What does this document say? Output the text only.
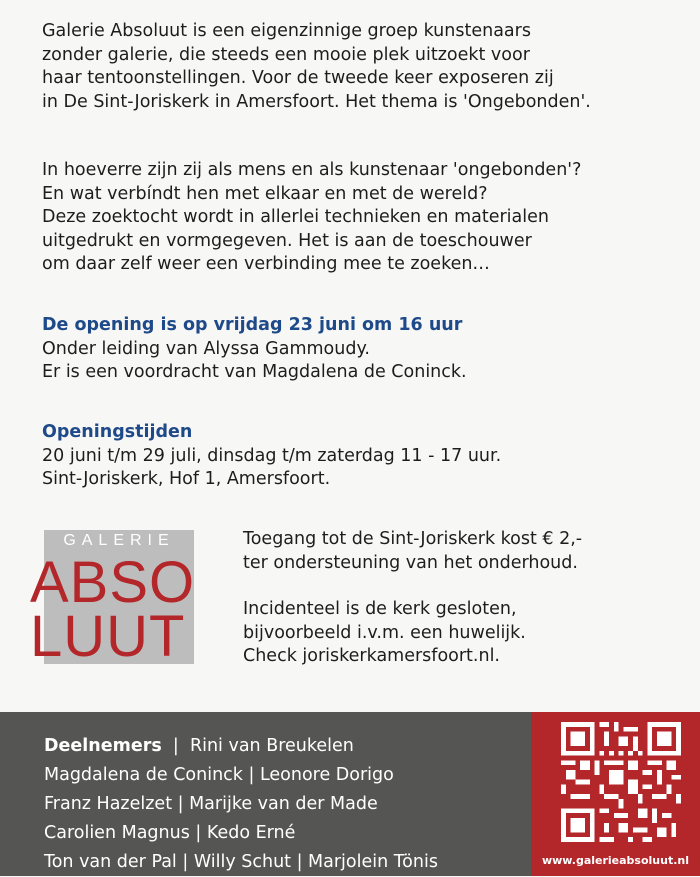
Galerie Absoluut is een eigenzinnige groep kunstenaars
zonder galerie, die steeds een mooie plek uitzoekt voor
haar tentoonstellingen. Voor de tweede keer exposeren zij
in De Sint-Joriskerk in Amersfoort. Het thema is 'Ongebonden'.
In hoeverre zijn zij als mens en als kunstenaar 'ongebonden'?
En wat verbíndt hen met elkaar en met de wereld?
Deze zoektocht wordt in allerlei technieken en materialen
uitgedrukt en vormgegeven. Het is aan de toeschouwer
om daar zelf weer een verbinding mee te zoeken…
De opening is op vrijdag 23 juni om 16 uur
Onder leiding van Alyssa Gammoudy.
Er is een voordracht van Magdalena de Coninck.
Openingstijden
20 juni t/m 29 juli, dinsdag t/m zaterdag 11 - 17 uur.
Sint-Joriskerk, Hof 1, Amersfoort.
GALERIE
ABSO
LUUT
Toegang tot de Sint-Joriskerk kost € 2,-
ter ondersteuning van het onderhoud.
Incidenteel is de kerk gesloten,
bijvoorbeeld i.v.m. een huwelijk.
Check joriskerkamersfoort.nl.
Deelnemers  |  Rini van Breukelen
Magdalena de Coninck | Leonore Dorigo
Franz Hazelzet | Marijke van der Made
Carolien Magnus | Kedo Erné
Ton van der Pal | Willy Schut | Marjolein Tönis	www.galerieabsoluut.nl
